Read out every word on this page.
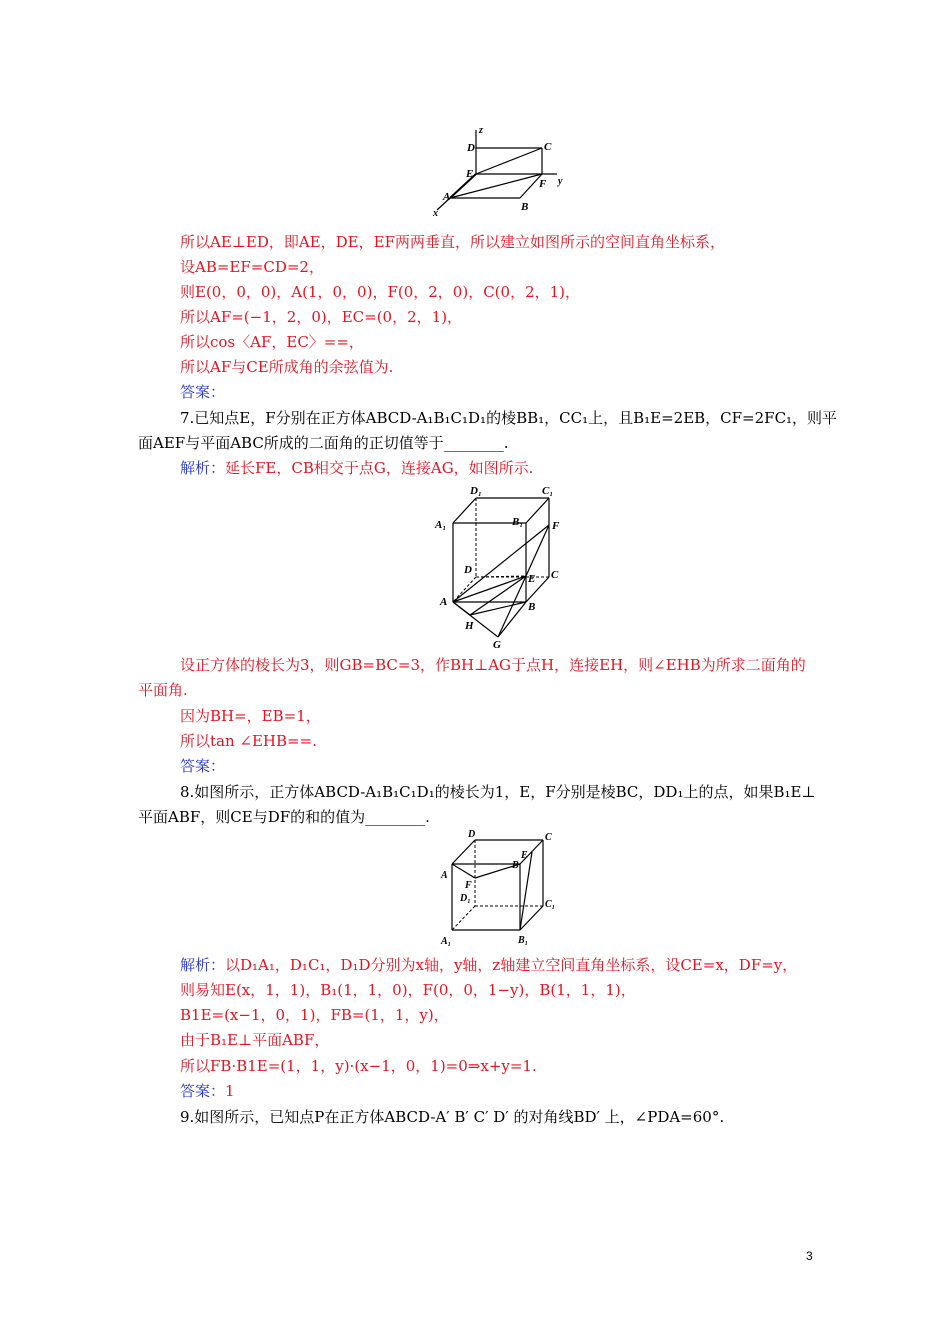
z
D	C
E
F y
A
B
x
所以AE⊥ED，即AE，DE，EF两两垂直，所以建立如图所示的空间直角坐标系，
设AB=EF=CD=2，
则E(0，0，0)，A(1，0，0)，F(0，2，0)，C(0，2，1)，
所以AF=(−1，2，0)，EC=(0，2，1)，
所以cos〈AF，EC〉==，
所以AF与CE所成角的余弦值为.
答案：
7.已知点E，F分别在正方体ABCD-A₁B₁C₁D₁的棱BB₁，CC₁上，且B₁E=2EB，CF=2FC₁，则平
面AEF与平面ABC所成的二面角的正切值等于________.
解析：延长FE，CB相交于点G，连接AG，如图所示.
D₁	C₁
A₁	B₁	F
D
E C
A	B
H
G
设正方体的棱长为3，则GB=BC=3，作BH⊥AG于点H，连接EH，则∠EHB为所求二面角的
平面角.
因为BH=，EB=1，
所以tan ∠EHB==.
答案：
8.如图所示，正方体ABCD-A₁B₁C₁D₁的棱长为1，E，F分别是棱BC，DD₁上的点，如果B₁E⊥
平面ABF，则CE与DF的和的值为________.
D	C
E
B
A
F
D₁
C₁
A₁	B₁
解析：以D₁A₁，D₁C₁，D₁D分别为x轴，y轴，z轴建立空间直角坐标系，设CE=x，DF=y，
则易知E(x，1，1)，B₁(1，1，0)，F(0，0，1−y)，B(1，1，1)，
B1E=(x−1，0，1)，FB=(1，1，y)，
由于B₁E⊥平面ABF，
所以FB·B1E=(1，1，y)·(x−1，0，1)=0⇒x+y=1.
答案：1
9.如图所示，已知点P在正方体ABCD-A′ B′ C′ D′ 的对角线BD′ 上，∠PDA=60°.
3
